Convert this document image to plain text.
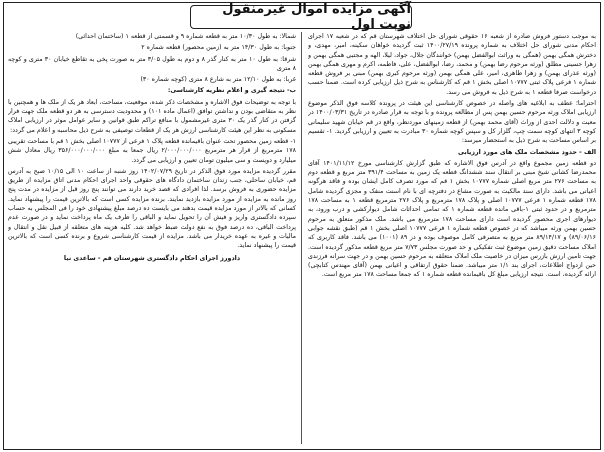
آگهی مزایده اموال غیرمنقول نوبت اول

به موجب دستور فروش صادره از شعبه ۱۶ حقوقی شورای حل اختلاف شهرستان قم که در شعبه ۱۷ اجرای احکام مدنی شورای حل اختلاف به شماره پرونده ۱۴۰۰/۲۷/۱۹ ثبت گردیده خواهان سکینه، امیر، مهدی، و دخترش همگی بهمن (همگی به وراثت ابوالفضل بهمن) خوانندگان جلال، جواد، لیلا، الهه و مجتبی همگی بهمن و زهرا حسینی مطلق (ورثه مرحوم رضا بهمن) و محمد، رضا، ابوالفضل، علی، فاطمه، اکرم و مهری همگی بهمن (ورثه عذرای بهمن) و زهرا طاهری، امیر، علی همگی بهمن (ورثه مرحوم کبری بهمن) مبنی بر فروش قطعه شماره ۱ فرعی پلاک ثبتی ۱۰۷۷۷ اصلی بخش ۱ قم که کارشناس به شرح ذیل ارزیابی کرده است. ضمنا حسب درخواست صرفا قطعه ۱ به شرح ذیل به فروش می رسد.

احتراما؛ عطف به ابلاغیه های واصله در خصوص کارشناسی این هیئت در پرونده کلاسه فوق الذکر موضوع ارزیابی املاک ورثه مرحوم حسین بهمن پس از مطالعه پرونده و با توجه به قرار صادره در تاریخ ۱۴۰۰/۰۳/۳۱ در معیت و دلالت احدی از وراث (آقای محمد بهمن) از قطعه زمینهای موردنظر، واقع در قم خیابان شهید سلیمانی کوچه ۳ انتهای کوچه سمت چپ، گلزار کل و سپس کوچه شماره ۳۰ مبادرت به تعیین و ارزیابی گردید. ۱- تقسیم بر اساس مساحت به شرح ذیل به استحضار میرسد:

الف - حدود مشخصات ملک های مورد ارزیابی

دو قطعه زمین مجموع واقع در آدرس فوق الاشاره که طبق گزارش کارشناسی مورخ ۱۴۰۱/۱۱/۱۲ آقای محمدرضا کشانی شیخ مبنی بر انتقال سند ششدانگ قطعه یک زمین به مساحت ۳۹۱/۴ متر مربع و قطعه دوم به مساحت ۲۷۶ متر مربع اصلی شماره ۱۰۷۷۷ بخش ۱ قم که مورد تصرف کامل ایشان بوده و فاقد هرگونه اعیانی می باشد. دارای سند مالکیت به صورت مشاع در دفترچه ای با نام اسنت منفک و مجزی گردیده شامل ۱۷۸ قطعه شماره ۱ فرعی ۱۰۷۷۷ اصلی و پلاک ۱۷۸ مترمربع و پلاک ۲۷۶ مترمربع قطعه ۱ به مساحت ۱۷۸ مترمربع و در حدود ثبتی ۱-باقی مانده قطعه شماره ۱ که تمامی احداثات شامل دیوارکشی و درب ورود، به دیوارهای اجری محصور گردیده است دارای مساحت ۱۷۸ مترمربع می باشد. ملک مذکور متعلق به مرحوم حسین بهمن ورثه میباشد که در خصوص قطعه شماره ۱ فرعی ۱۰۷۷۷ اصلی بخش ۱ قم (طبق نقشه جوابی ۸۹/۰۶/۱۶) و ۸۹/۱۴/۱۷ متر مربع به متصرفی کامل موصوف بوده و در ۸۹ (۱۰۰۱) می باشد. فاقد کاربری که املاک مساحت دقیق زمین موضوع ثبت تفکیکی و حد صورت مجلس ۷/۷۳ متر مربع قطعه مذکور گردیده است. جهت تامین ارزش بازرس میزان در خاصیت ملک املاک متعلقه به مرحوم حسین بهمن و در جهت سرانه فرزندی حین ازدواج اطلاعات، اجرای بند ۱/۱ متر میباشد. ضمنا حقوق ارتفاقی و اعیانی بهمن (آقای مهندس کتابچی) ارائه گردیده، است. نتیجه ارزیابی مبلغ کل باقیمانده قطعه شماره ۱ که جمعا مساحت ۱۷۸ متر مربع است.

شمالا: به طول ۱۰/۳۰ متر به قطعه شماره ۹ و قسمتی از قطعه ۱ (ساختمان احداثی)

جنوبا: به طول ۱۴/۳۰ متر به (زمین محصور) قطعه شماره ۲

شرقا: به طول ۱۰ متر به کنار گذر ۸ و دوم به طول ۳/۰۵ متر به صورت پخی به تقاطع خیابان ۳۰ متری و کوچه ۸ متری

غربا: به طول ۱۲/۱۰ متر به شارع ۸ متری (کوچه شماره ۳۰)

ب- نتیجه گیری و اعلام نظریه کارشناسی:

با توجه به توضیحات فوق الاشاره و مشخصات ذکر شده، موقعیت، مساحت، ابعاد هر یک از ملک ها و همچنین با نظر به متقاضی بودن و نداشتن توافق (اعمال ماده ۱۰۱) و محدودیت دسترسی به هر دو قطعه ملک جهت فرار گرفتن در کنار گذر یک ۳۰ متری غیرمشمول با منافع تراکم طبق قوانین و سایر عوامل موثر در ارزیابی املاک مسکونی به نظر این هیئت کارشناسی ارزش هر یک از قطعات توصیفی به شرح ذیل محاسبه و اعلام می گردد:

۱- قطعه زمین محصور تحت عنوان باقیمانده قطعه پلاک ۱ فرعی از ۱۰۷۷۷ اصلی بخش ۱ قم با مساحت تقریبی ۱۷۸ مترمربع از قرار هر مترمربع ۲/۰۰۰/۰۰۰/۰۰۰ ریال جمعا به مبلغ ۳۵۶/۰۰۰/۰۰۰/۰۰۰ ریال معادل شش میلیارد و دویست و سی میلیون تومان تعیین و ارزیابی می گردد.

مقرر گردیده مزایده مورد فوق الذکر در تاریخ ۱۴۰۲/۰۷/۲۹ روز شنبه از ساعت ۱۰ الی ۱۰/۱۵ صبح به آدرس قم، خیابان ساحلی، جنب زندان ساختمان دادگاه های حقوقی واحد اجرای احکام مدنی اتاق مزایده از طریق مزایده حضوری به فروش برسد. لذا افرادی که قصد خرید دارند می توانند پنج روز قبل از مزایده در مدت پنج روز مانده به مزایده از مورد مزایده بازدید نمایند. برنده مزایده کسی است که بالاترین قیمت را پیشنهاد نماید. کسانی که بالاتر از مورد مزایده قیمت بدهند می بایست ده درصد مبلغ پیشنهادی خود را فی المجلس به حساب سپرده دادگستری واریز و فیش آن را تحویل نماید و الباقی را ظرف یک ماه پرداخت نماید و در صورت عدم پرداخت الباقی، ده درصد فوق به نفع دولت ضبط خواهد شد. کلیه هزینه های متعلقه از قبیل نقل و انتقال و مالیات و غیره به عهده خریدار می باشد. مزایده از قیمت کارشناسی شروع و برنده کسی است که بالاترین قیمت را پیشنهاد نماید.

دادورز اجرای احکام دادگستری شهرستان قم - ساعدی نیا
